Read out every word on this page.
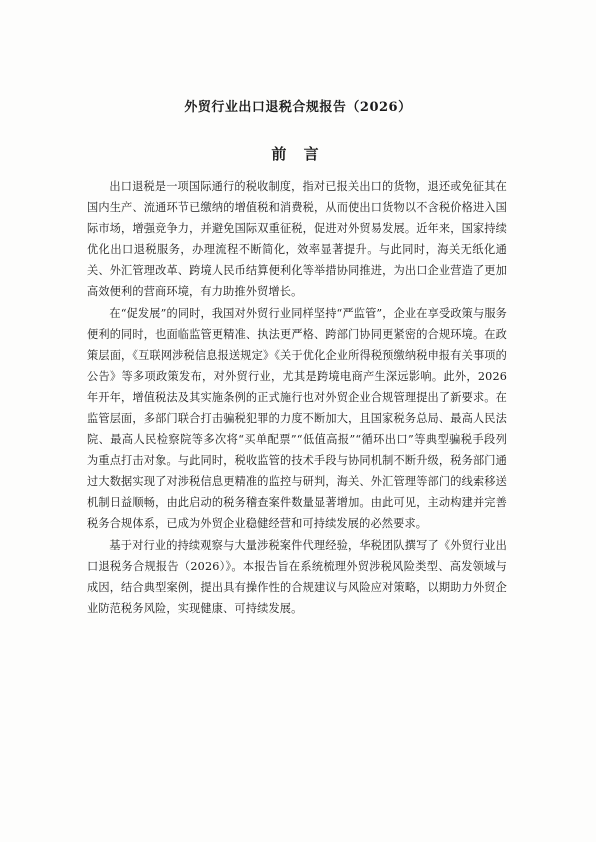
外贸行业出口退税合规报告（2026）
前 言

出口退税是一项国际通行的税收制度，指对已报关出口的货物，退还或免征其在国内生产、流通环节已缴纳的增值税和消费税，从而使出口货物以不含税价格进入国际市场，增强竞争力，并避免国际双重征税，促进对外贸易发展。近年来，国家持续优化出口退税服务，办理流程不断简化，效率显著提升。与此同时，海关无纸化通关、外汇管理改革、跨境人民币结算便利化等举措协同推进，为出口企业营造了更加高效便利的营商环境，有力助推外贸增长。

在“促发展”的同时，我国对外贸行业同样坚持“严监管”，企业在享受政策与服务便利的同时，也面临监管更精准、执法更严格、跨部门协同更紧密的合规环境。在政策层面，《互联网涉税信息报送规定》《关于优化企业所得税预缴纳税申报有关事项的公告》等多项政策发布，对外贸行业，尤其是跨境电商产生深远影响。此外，2026年开年，增值税法及其实施条例的正式施行也对外贸企业合规管理提出了新要求。在监管层面，多部门联合打击骗税犯罪的力度不断加大，且国家税务总局、最高人民法院、最高人民检察院等多次将“买单配票”“低值高报”“循环出口”等典型骗税手段列为重点打击对象。与此同时，税收监管的技术手段与协同机制不断升级，税务部门通过大数据实现了对涉税信息更精准的监控与研判，海关、外汇管理等部门的线索移送机制日益顺畅，由此启动的税务稽查案件数量显著增加。由此可见，主动构建并完善税务合规体系，已成为外贸企业稳健经营和可持续发展的必然要求。

基于对行业的持续观察与大量涉税案件代理经验，华税团队撰写了《外贸行业出口退税务合规报告（2026）》。本报告旨在系统梳理外贸涉税风险类型、高发领域与成因，结合典型案例，提出具有操作性的合规建议与风险应对策略，以期助力外贸企业防范税务风险，实现健康、可持续发展。
